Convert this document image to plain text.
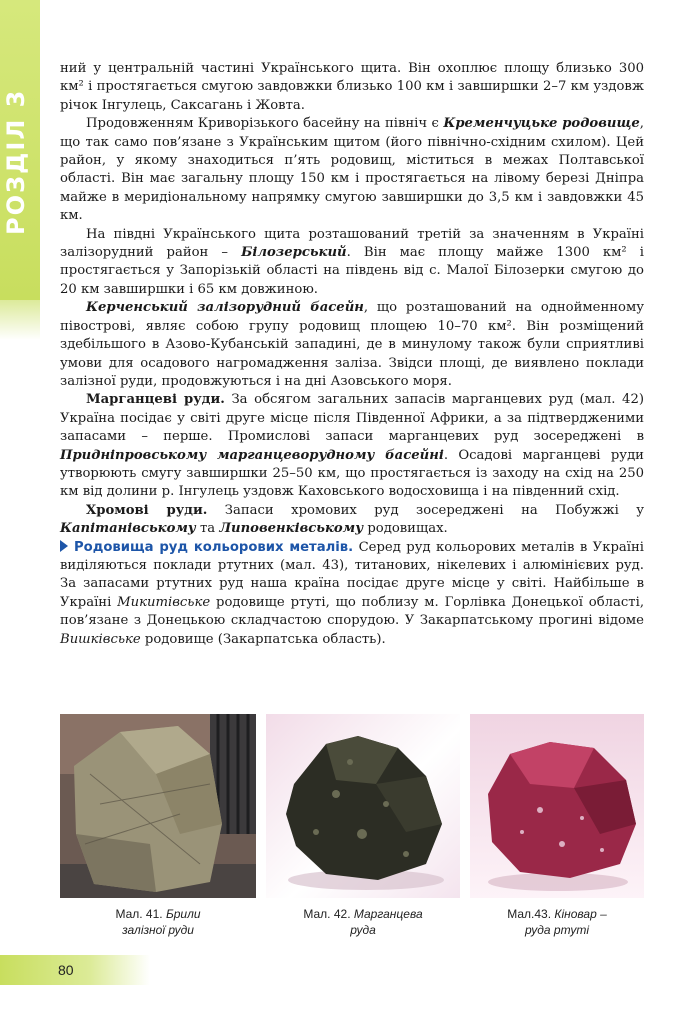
РОЗДІЛ 3

ний у центральній частині Українського щита. Він охоплює площу близько 300 км² і простягається смугою завдовжки близько 100 км і завширшки 2–7 км уздовж річок Інгулець, Саксагань і Жовта.

Продовженням Криворізького басейну на північ є Кременчуцьке родовище, що так само пов’язане з Українським щитом (його північно-східним схилом). Цей район, у якому знаходиться п’ять родовищ, міститься в межах Полтавської області. Він має загальну площу 150 км і простягається на лівому березі Дніпра майже в меридіональному напрямку смугою завширшки до 3,5 км і завдовжки 45 км.

На півдні Українського щита розташований третій за значенням в Україні залізорудний район – Білозерський. Він має площу майже 1300 км² і простягається у Запорізькій області на південь від с. Малої Білозерки смугою до 20 км завширшки і 65 км довжиною.

Керченський залізорудний басейн, що розташований на однойменному півострові, являє собою групу родовищ площею 10–70 км². Він розміщений здебільшого в Азово-Кубанській западині, де в минулому також були сприятливі умови для осадового нагромадження заліза. Звідси площі, де виявлено поклади залізної руди, продовжуються і на дні Азовського моря.

Марганцеві руди. За обсягом загальних запасів марганцевих руд (мал. 42) Україна посідає у світі друге місце після Південної Африки, а за підтвердженими запасами – перше. Промислові запаси марганцевих руд зосереджені в Придніпровському марганцеворудному басейні. Осадові марганцеві руди утворюють смугу завширшки 25–50 км, що простягається із заходу на схід на 250 км від долини р. Інгулець уздовж Каховського водосховища і на південний схід.

Хромові руди. Запаси хромових руд зосереджені на Побужжі у Капітанівському та Липовенківському родовищах.

Родовища руд кольорових металів. Серед руд кольорових металів в Україні виділяються поклади ртутних (мал. 43), титанових, нікелевих і алюмінієвих руд. За запасами ртутних руд наша країна посідає друге місце у світі. Найбільше в Україні Микитівське родовище ртуті, що поблизу м. Горлівка Донецької області, пов’язане з Донецькою складчастою спорудою. У Закарпатському прогині відоме Вишківське родовище (Закарпатська область).

Мал. 41. Брили
залізної руди
Мал. 42. Марганцева
руда
Мал.43. Кіновар –
руда ртуті
80
